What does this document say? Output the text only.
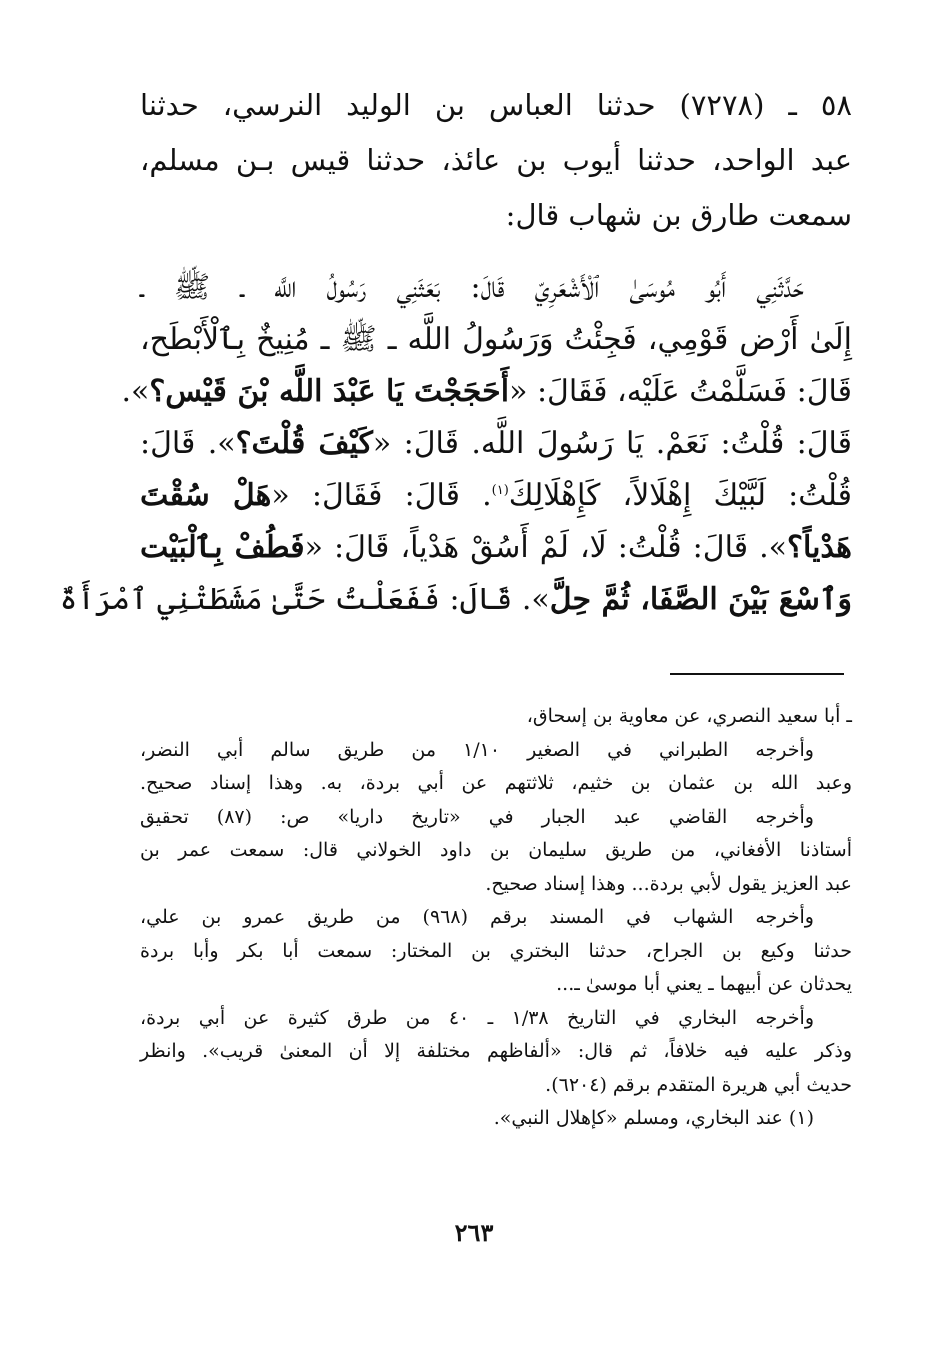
٥٨ ـ (٧٢٧٨) حدثنا العباس بن الوليد النرسي، حدثنا
عبد الواحد، حدثنا أيوب بن عائذ، حدثنا قيس بـن مسلم،
سمعت طارق بن شهاب قال:
حَدَّثَنِي أَبُو مُوسَىٰ ٱلْأَشْعَرِيّ قَالَ: بَعَثَنِي رَسُولُ اللَّه ـ ﷺ ـ
إِلَىٰ أَرْض قَوْمِي، فَجِئْتُ وَرَسُولُ اللَّه ـ ﷺ ـ مُنِيخٌ بِٱلْأَبْطَح،
قَالَ: فَسَلَّمْتُ عَلَيْه، فَقَالَ: «أَحَجَجْتَ يَا عَبْدَ اللَّه بْنَ قَيْس؟».
قَالَ: قُلْتُ: نَعَمْ. يَا رَسُولَ اللَّه. قَالَ: «كَيْفَ قُلْتَ؟». قَالَ:
قُلْتُ: لَبَّيْكَ إِهْلَالاً، كَإِهْلَالِكَ$^{(١)}$. قَالَ: فَقَالَ: «هَلْ سُقْتَ
هَدْياً؟». قَالَ: قُلْتُ: لَا، لَمْ أَسُقْ هَدْياً، قَالَ: «فَطُفْ بِٱلْبَيْت
وَٱسْعَ بَيْنَ الصَّفَا، ثُمَّ حِلَّ». قَالَ: فَفَعَلْتُ حَتَّىٰ مَشَطَتْنِي ٱمْرَأَةٌ
ـ أبا سعيد النصري، عن معاوية بن إسحاق،
وأخرجه الطبراني في الصغير ١/١٠ من طريق سالم أبي النضر،
وعبد الله بن عثمان بن خثيم، ثلاثتهم عن أبي بردة، به. وهذا إسناد صحيح.
وأخرجه القاضي عبد الجبار في «تاريخ داريا» ص: (٨٧) تحقيق
أستاذنا الأفغاني، من طريق سليمان بن داود الخولاني قال: سمعت عمر بن
عبد العزيز يقول لأبي بردة... وهذا إسناد صحيح.
وأخرجه الشهاب في المسند برقم (٩٦٨) من طريق عمرو بن علي،
حدثنا وكيع بن الجراح، حدثنا البختري بن المختار: سمعت أبا بكر وأبا بردة
يحدثان عن أبيهما ـ يعني أبا موسىٰ ـ...
وأخرجه البخاري في التاريخ ١/٣٨ ـ ٤٠ من طرق كثيرة عن أبي بردة،
وذكر عليه فيه خلافاً، ثم قال: «ألفاظهم مختلفة إلا أن المعنىٰ قريب». وانظر
حديث أبي هريرة المتقدم برقم (٦٢٠٤).
(١) عند البخاري، ومسلم «كإهلال النبي».
٢٦٣
